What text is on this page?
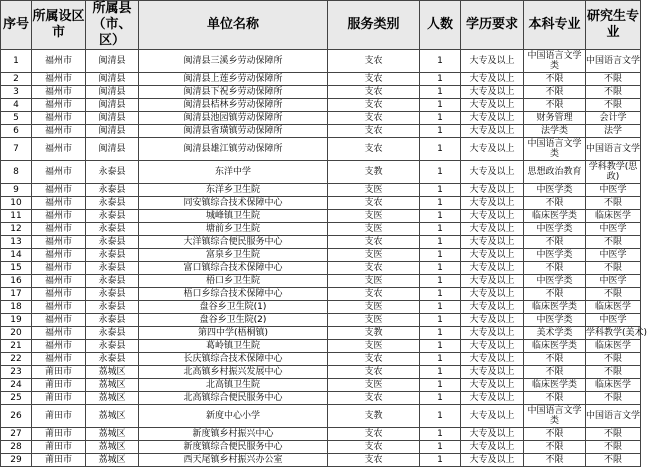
序号	所属设区市	所属县（市、区）	单位名称	服务类别	人数	学历要求	本科专业	研究生专业
1	福州市	闽清县	闽清县三溪乡劳动保障所	支农	1	大专及以上	中国语言文学类	中国语言文学
2	福州市	闽清县	闽清县上莲乡劳动保障所	支农	1	大专及以上	不限	不限
3	福州市	闽清县	闽清县下祝乡劳动保障所	支农	1	大专及以上	不限	不限
4	福州市	闽清县	闽清县桔林乡劳动保障所	支农	1	大专及以上	不限	不限
5	福州市	闽清县	闽清县池园镇劳动保障所	支农	1	大专及以上	财务管理	会计学
6	福州市	闽清县	闽清县省璜镇劳动保障所	支农	1	大专及以上	法学类	法学
7	福州市	闽清县	闽清县雄江镇劳动保障所	支农	1	大专及以上	中国语言文学类	中国语言文学
8	福州市	永泰县	东洋中学	支教	1	大专及以上	思想政治教育	学科教学(思政)
9	福州市	永泰县	东洋乡卫生院	支医	1	大专及以上	中医学类	中医学
10	福州市	永泰县	同安镇综合技术保障中心	支农	1	大专及以上	不限	不限
11	福州市	永泰县	城峰镇卫生院	支医	1	大专及以上	临床医学类	临床医学
12	福州市	永泰县	塘前乡卫生院	支医	1	大专及以上	中医学类	中医学
13	福州市	永泰县	大洋镇综合便民服务中心	支农	1	大专及以上	不限	不限
14	福州市	永泰县	富泉乡卫生院	支医	1	大专及以上	中医学类	中医学
15	福州市	永泰县	富口镇综合技术保障中心	支农	1	大专及以上	不限	不限
16	福州市	永泰县	梧口乡卫生院	支医	1	大专及以上	中医学类	中医学
17	福州市	永泰县	梧口乡综合技术保障中心	支农	1	大专及以上	不限	不限
18	福州市	永泰县	盘谷乡卫生院(1)	支医	1	大专及以上	临床医学类	临床医学
19	福州市	永泰县	盘谷乡卫生院(2)	支医	1	大专及以上	中医学类	中医学
20	福州市	永泰县	第四中学(梧桐镇)	支教	1	大专及以上	美术学类	学科教学(美术)
21	福州市	永泰县	葛岭镇卫生院	支医	1	大专及以上	临床医学类	临床医学
22	福州市	永泰县	长庆镇综合技术保障中心	支农	1	大专及以上	不限	不限
23	莆田市	荔城区	北高镇乡村振兴发展中心	支农	1	大专及以上	不限	不限
24	莆田市	荔城区	北高镇卫生院	支医	1	大专及以上	临床医学类	临床医学
25	莆田市	荔城区	北高镇综合便民服务中心	支农	1	大专及以上	不限	不限
26	莆田市	荔城区	新度中心小学	支教	1	大专及以上	中国语言文学类	中国语言文学
27	莆田市	荔城区	新度镇乡村振兴中心	支农	1	大专及以上	不限	不限
28	莆田市	荔城区	新度镇综合便民服务中心	支农	1	大专及以上	不限	不限
29	莆田市	荔城区	西天尾镇乡村振兴办公室	支农	1	大专及以上	不限	不限
